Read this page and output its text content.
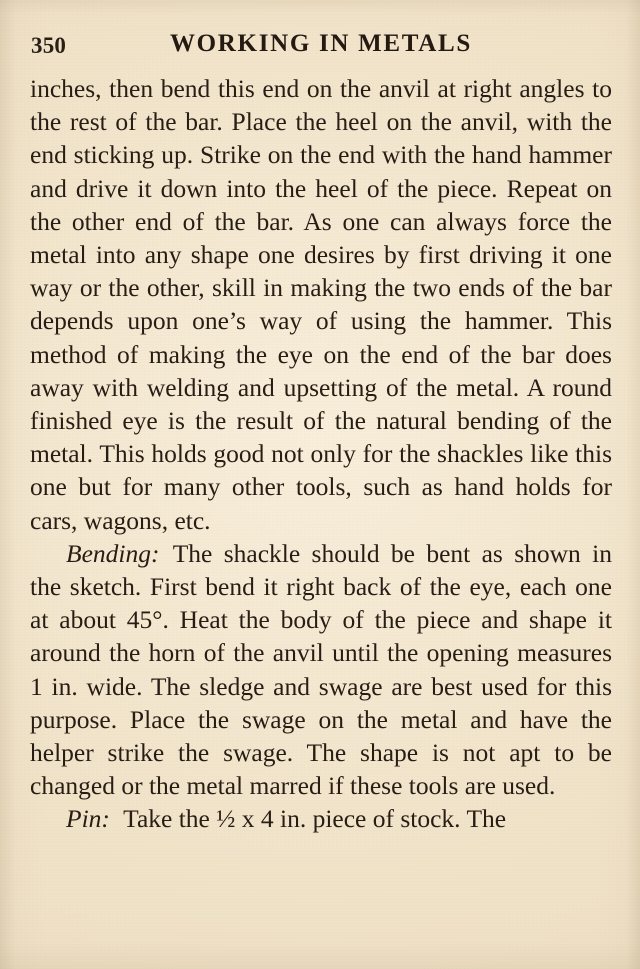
350	WORKING IN METALS

inches, then bend this end on the anvil at right angles to the rest of the bar. Place the heel on the anvil, with the end sticking up. Strike on the end with the hand hammer and drive it down into the heel of the piece. Repeat on the other end of the bar. As one can always force the metal into any shape one desires by first driving it one way or the other, skill in making the two ends of the bar depends upon one’s way of using the hammer. This method of making the eye on the end of the bar does away with welding and upsetting of the metal. A round finished eye is the result of the natural bending of the metal. This holds good not only for the shackles like this one but for many other tools, such as hand holds for cars, wagons, etc.

Bending: The shackle should be bent as shown in the sketch. First bend it right back of the eye, each one at about 45°. Heat the body of the piece and shape it around the horn of the anvil until the opening measures 1 in. wide. The sledge and swage are best used for this purpose. Place the swage on the metal and have the helper strike the swage. The shape is not apt to be changed or the metal marred if these tools are used.

Pin: Take the ½ x 4 in. piece of stock. The
